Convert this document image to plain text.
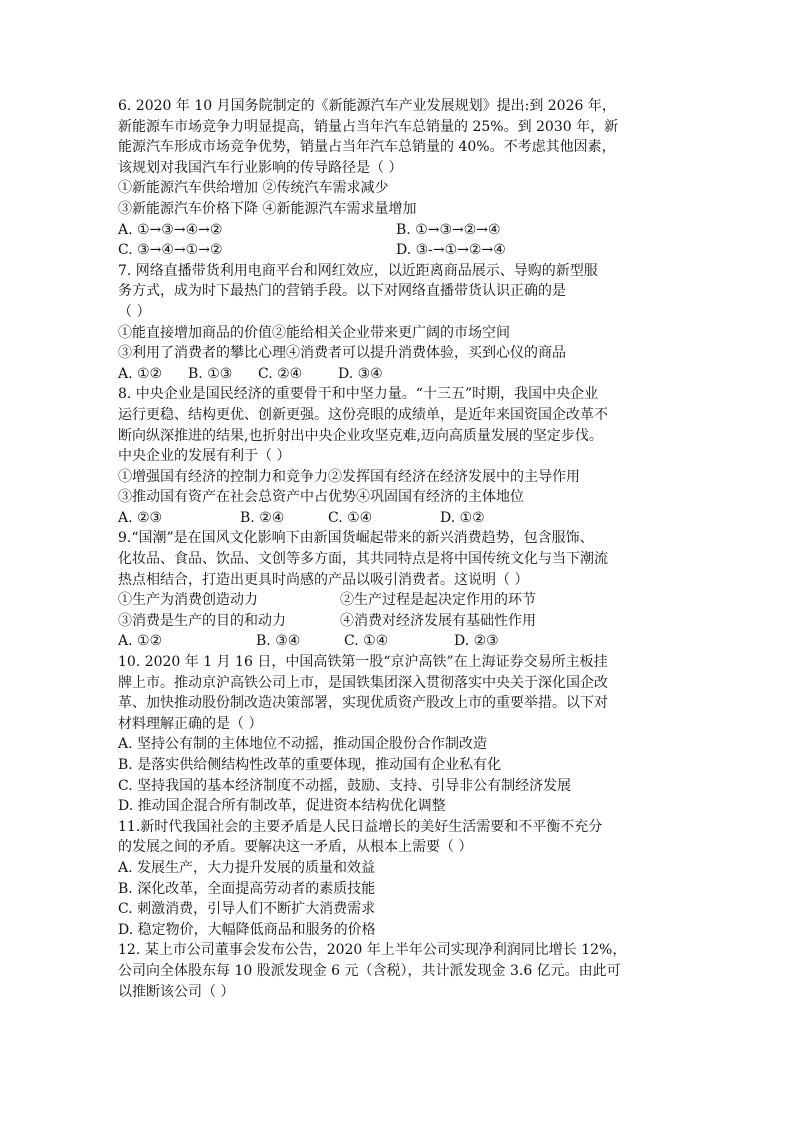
6. 2020 年 10 月国务院制定的《新能源汽车产业发展规划》提出:到 2026 年，
新能源车市场竞争力明显提高，销量占当年汽车总销量的 25%。到 2030 年，新
能源汽车形成市场竞争优势，销量占当年汽车总销量的 40%。不考虑其他因素，
该规划对我国汽车行业影响的传导路径是（ ）
①新能源汽车供给增加 ②传统汽车需求减少
③新能源汽车价格下降 ④新能源汽车需求量增加
A. ①→③→④→②	B. ①→③→②→④
C. ③→④→①→②	D. ③-→①→②→④
7. 网络直播带货利用电商平台和网红效应，以近距离商品展示、导购的新型服
务方式，成为时下最热门的营销手段。以下对网络直播带货认识正确的是
（ ）
①能直接增加商品的价值②能给相关企业带来更广阔的市场空间
③利用了消费者的攀比心理④消费者可以提升消费体验，买到心仪的商品
A. ①②	B. ①③	C. ②④	D. ③④
8. 中央企业是国民经济的重要骨干和中坚力量。“十三五”时期，我国中央企业
运行更稳、结构更优、创新更强。这份亮眼的成绩单，是近年来国资国企改革不
断向纵深推进的结果,也折射出中央企业攻坚克难,迈向高质量发展的坚定步伐。
中央企业的发展有利于（ ）
①增强国有经济的控制力和竞争力②发挥国有经济在经济发展中的主导作用
③推动国有资产在社会总资产中占优势④巩固国有经济的主体地位
A. ②③	B. ②④	C. ①④	D. ①②
9.“国潮”是在国风文化影响下由新国货崛起带来的新兴消费趋势，包含服饰、
化妆品、食品、饮品、文创等多方面，其共同特点是将中国传统文化与当下潮流
热点相结合，打造出更具时尚感的产品以吸引消费者。这说明（ ）
①生产为消费创造动力	②生产过程是起决定作用的环节
③消费是生产的目的和动力	④消费对经济发展有基础性作用
A. ①②	B. ③④	C. ①④	D. ②③
10. 2020 年 1 月 16 日，中国高铁第一股“京沪高铁”在上海证券交易所主板挂
牌上市。推动京沪高铁公司上市，是国铁集团深入贯彻落实中央关于深化国企改
革、加快推动股份制改造决策部署，实现优质资产股改上市的重要举措。以下对
材料理解正确的是（ ）
A. 坚持公有制的主体地位不动摇，推动国企股份合作制改造
B. 是落实供给侧结构性改革的重要体现，推动国有企业私有化
C. 坚持我国的基本经济制度不动摇，鼓励、支持、引导非公有制经济发展
D. 推动国企混合所有制改革，促进资本结构优化调整
11.新时代我国社会的主要矛盾是人民日益增长的美好生活需要和不平衡不充分
的发展之间的矛盾。要解决这一矛盾，从根本上需要（ ）
A. 发展生产，大力提升发展的质量和效益
B. 深化改革，全面提高劳动者的素质技能
C. 刺激消费，引导人们不断扩大消费需求
D. 稳定物价，大幅降低商品和服务的价格
12. 某上市公司董事会发布公告，2020 年上半年公司实现净利润同比增长 12%，
公司向全体股东每 10 股派发现金 6 元（含税），共计派发现金 3.6 亿元。由此可
以推断该公司（ ）
